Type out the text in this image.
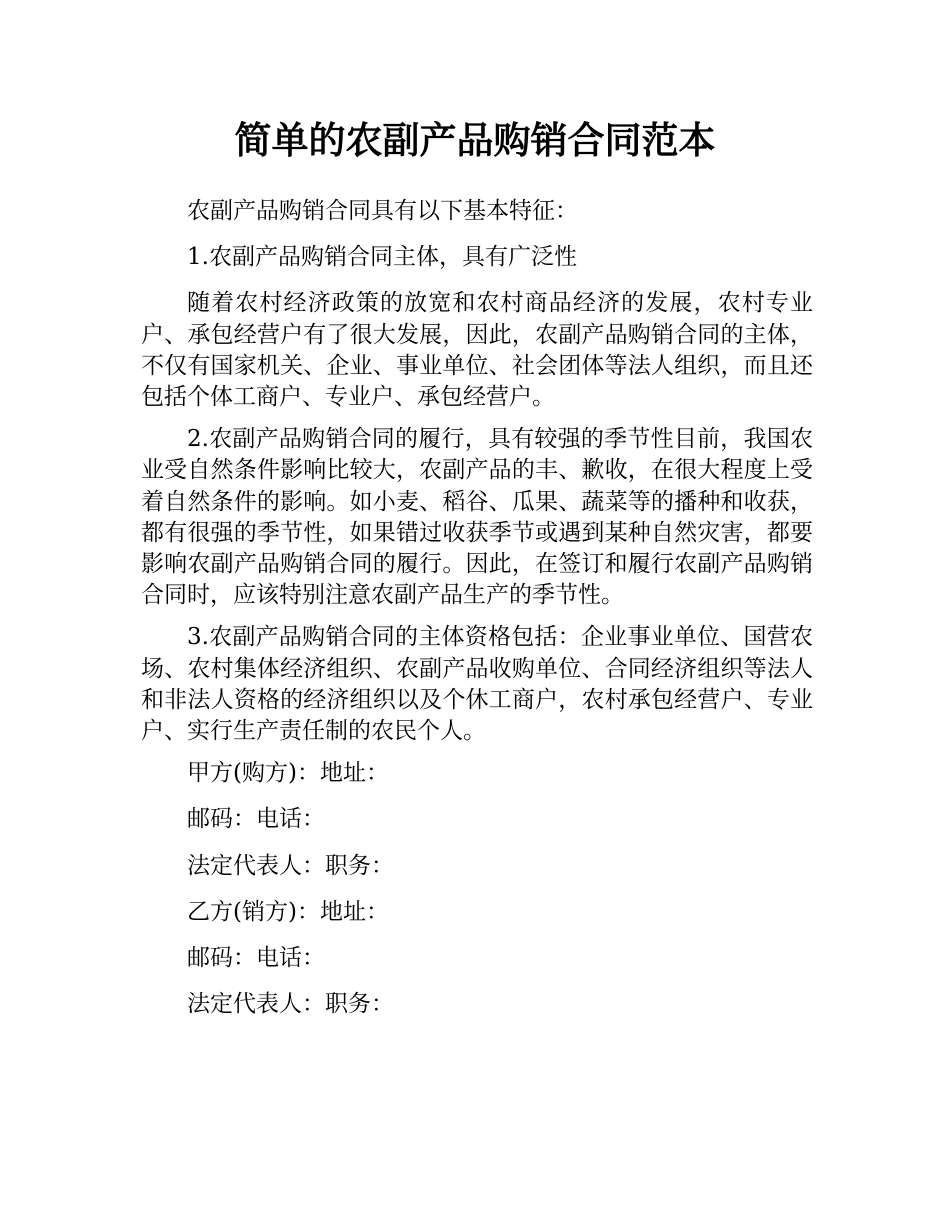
简单的农副产品购销合同范本

农副产品购销合同具有以下基本特征：

1.农副产品购销合同主体，具有广泛性

随着农村经济政策的放宽和农村商品经济的发展，农村专业户、承包经营户有了很大发展，因此，农副产品购销合同的主体，不仅有国家机关、企业、事业单位、社会团体等法人组织，而且还包括个体工商户、专业户、承包经营户。

2.农副产品购销合同的履行，具有较强的季节性目前，我国农业受自然条件影响比较大，农副产品的丰、歉收，在很大程度上受着自然条件的影响。如小麦、稻谷、瓜果、蔬菜等的播种和收获，都有很强的季节性，如果错过收获季节或遇到某种自然灾害，都要影响农副产品购销合同的履行。因此，在签订和履行农副产品购销合同时，应该特别注意农副产品生产的季节性。

3.农副产品购销合同的主体资格包括：企业事业单位、国营农场、农村集体经济组织、农副产品收购单位、合同经济组织等法人和非法人资格的经济组织以及个休工商户，农村承包经营户、专业户、实行生产责任制的农民个人。

甲方(购方)：地址：

邮码：电话：

法定代表人：职务：

乙方(销方)：地址：

邮码：电话：

法定代表人：职务：
